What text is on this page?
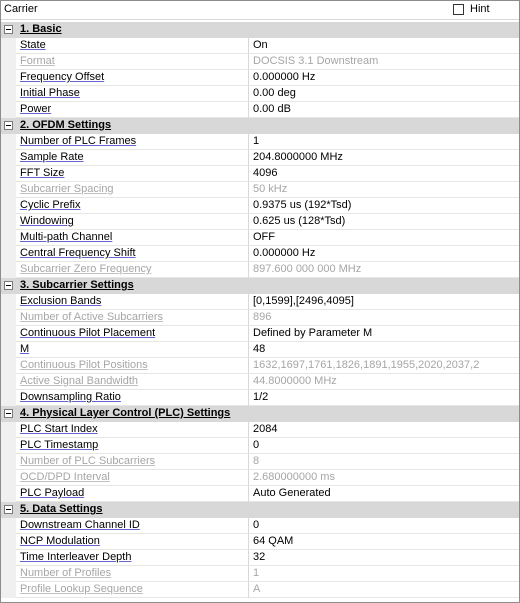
Carrier	Hint
1. Basic
State	On
Format	DOCSIS 3.1 Downstream
Frequency Offset	0.000000 Hz
Initial Phase	0.00 deg
Power	0.00 dB
2. OFDM Settings
Number of PLC Frames	1
Sample Rate	204.8000000 MHz
FFT Size	4096
Subcarrier Spacing	50 kHz
Cyclic Prefix	0.9375 us (192*Tsd)
Windowing	0.625 us (128*Tsd)
Multi-path Channel	OFF
Central Frequency Shift	0.000000 Hz
Subcarrier Zero Frequency	897.600 000 000 MHz
3. Subcarrier Settings
Exclusion Bands	[0,1599],[2496,4095]
Number of Active Subcarriers	896
Continuous Pilot Placement	Defined by Parameter M
M	48
Continuous Pilot Positions	1632,1697,1761,1826,1891,1955,2020,2037,2
Active Signal Bandwidth	44.8000000 MHz
Downsampling Ratio	1/2
4. Physical Layer Control (PLC) Settings
PLC Start Index	2084
PLC Timestamp	0
Number of PLC Subcarriers	8
OCD/DPD Interval	2.680000000 ms
PLC Payload	Auto Generated
5. Data Settings
Downstream Channel ID	0
NCP Modulation	64 QAM
Time Interleaver Depth	32
Number of Profiles	1
Profile Lookup Sequence	A
